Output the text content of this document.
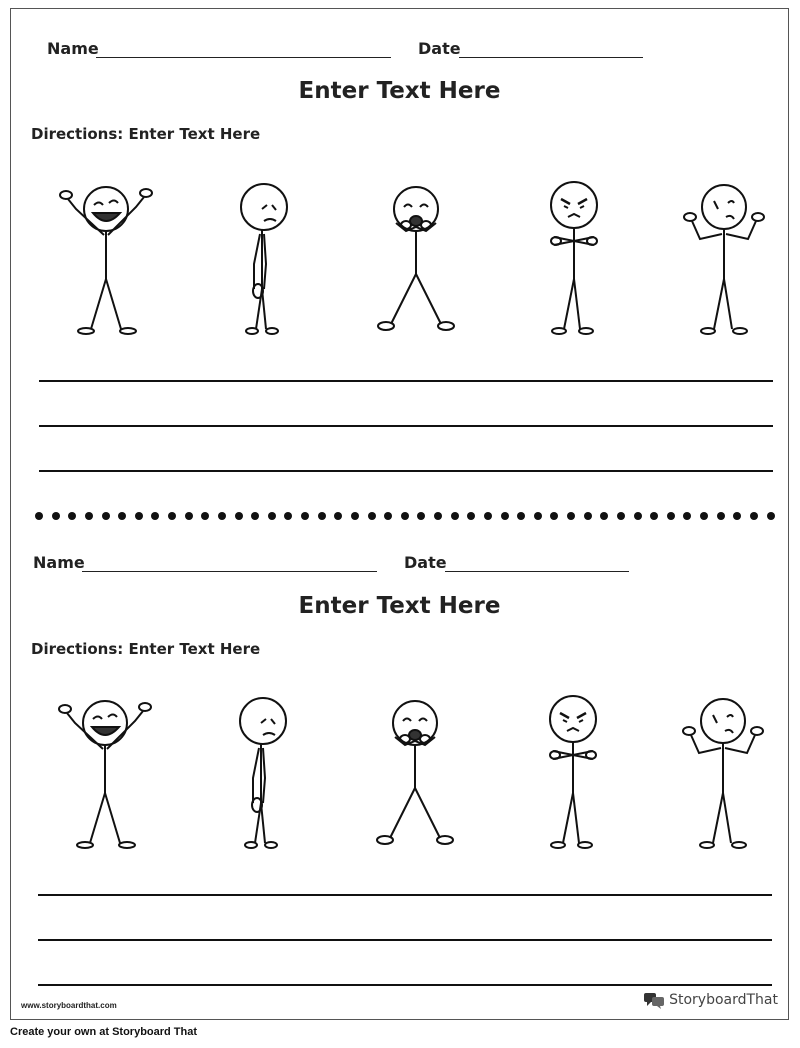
Name	Date
Enter Text Here
Directions: Enter Text Here
Name	Date
Enter Text Here
Directions: Enter Text Here
www.storyboardthat.com	StoryboardThat
Create your own at Storyboard That
